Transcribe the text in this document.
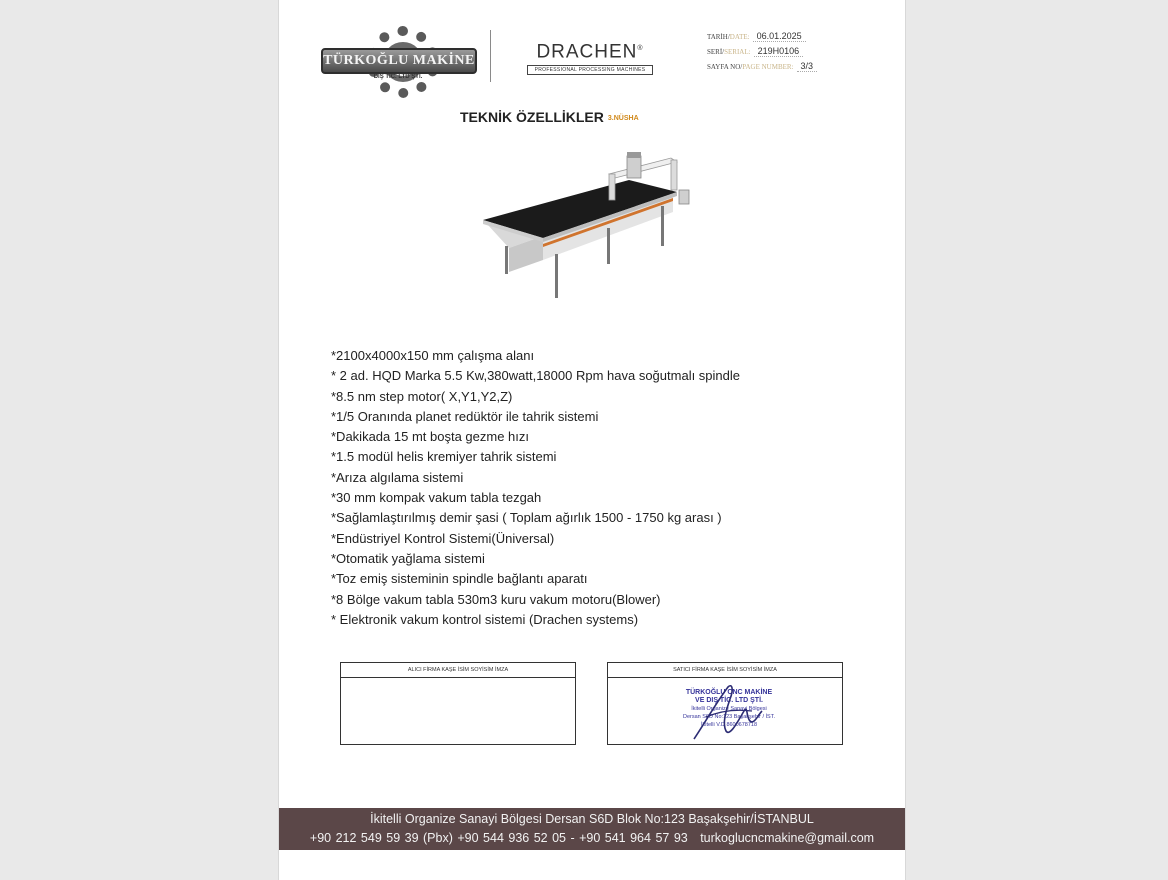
TÜRKOĞLU MAKİNE
DIŞ TİC. LTD ŞTİ.
DRACHEN®
PROFESSIONAL PROCESSING MACHINES
TARİH/DATE: 06.01.2025
SERİ/SERIAL: 219H0106
SAYFA NO/PAGE NUMBER: 3/3
TEKNİK ÖZELLİKLER 3.NÜSHA
*2100x4000x150 mm çalışma alanı
* 2 ad. HQD Marka 5.5 Kw,380watt,18000 Rpm hava soğutmalı spindle
*8.5 nm step motor( X,Y1,Y2,Z)
*1/5 Oranında planet redüktör ile tahrik sistemi
*Dakikada 15 mt boşta gezme hızı
*1.5 modül helis kremiyer tahrik sistemi
*Arıza algılama sistemi
*30 mm kompak vakum tabla tezgah
*Sağlamlaştırılmış demir şasi ( Toplam ağırlık 1500 - 1750 kg arası )
*Endüstriyel Kontrol Sistemi(Üniversal)
*Otomatik yağlama sistemi
*Toz emiş sisteminin spindle bağlantı aparatı
*8 Bölge vakum tabla 530m3 kuru vakum motoru(Blower)
* Elektronik vakum kontrol sistemi (Drachen systems)
ALICI FİRMA KAŞE İSİM SOYİSİM İMZA	SATICI FİRMA KAŞE İSİM SOYİSİM İMZA
TÜRKOĞLU CNC MAKİNE
VE DIŞ TİC. LTD ŞTİ.
İkitelli Organize Sanayi Bölgesi
Dersan S6D No:123 Başakşehir / İST.
İkitelli V.D 8600678718
İkitelli Organize Sanayi Bölgesi Dersan S6D Blok No:123 Başakşehir/İSTANBUL
+90 212 549 59 39 (Pbx) +90 544 936 52 05 - +90 541 964 57 93 turkoglucncmakine@gmail.com
